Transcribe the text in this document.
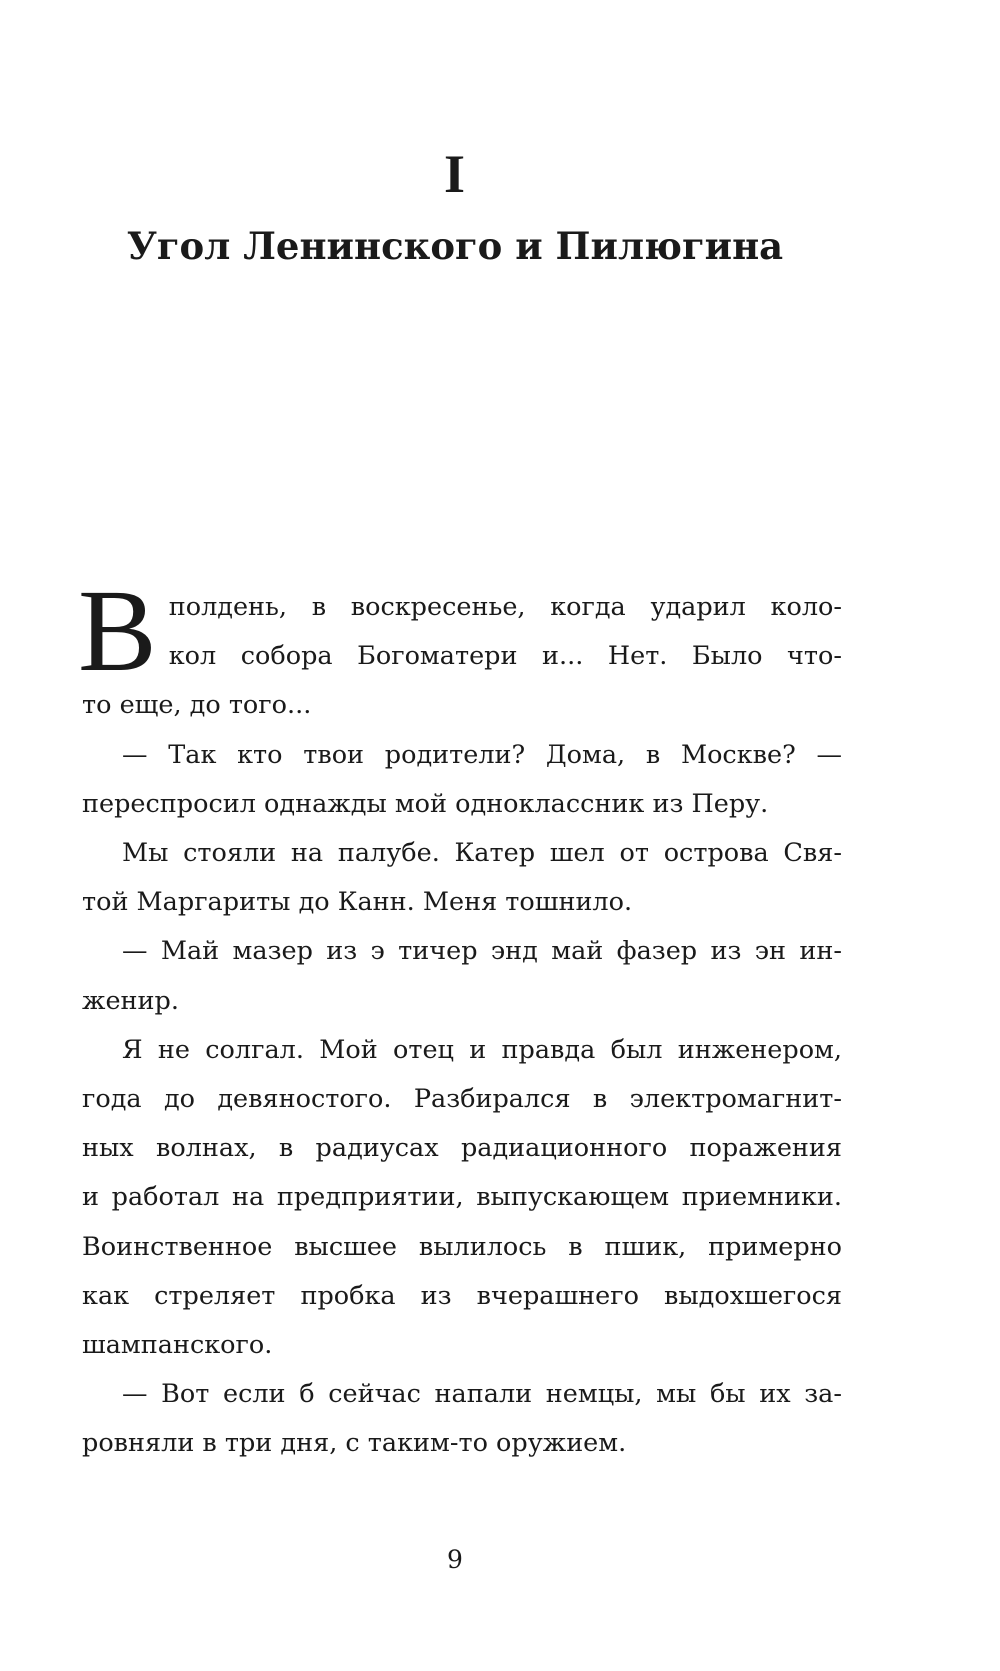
I
Угол Ленинского и Пилюгина

В полдень, в воскресенье, когда ударил коло-
кол собора Богоматери и... Нет. Было что-
то еще, до того...

— Так кто твои родители? Дома, в Москве? —
переспросил однажды мой одноклассник из Перу.

Мы стояли на палубе. Катер шел от острова Свя-
той Маргариты до Канн. Меня тошнило.

— Май мазер из э тичер энд май фазер из эн ин-
женир.

Я не солгал. Мой отец и правда был инженером,
года до девяностого. Разбирался в электромагнит-
ных волнах, в радиусах радиационного поражения
и работал на предприятии, выпускающем приемники.
Воинственное высшее вылилось в пшик, примерно
как стреляет пробка из вчерашнего выдохшегося
шампанского.

— Вот если б сейчас напали немцы, мы бы их за-
ровняли в три дня, с таким-то оружием.

9
